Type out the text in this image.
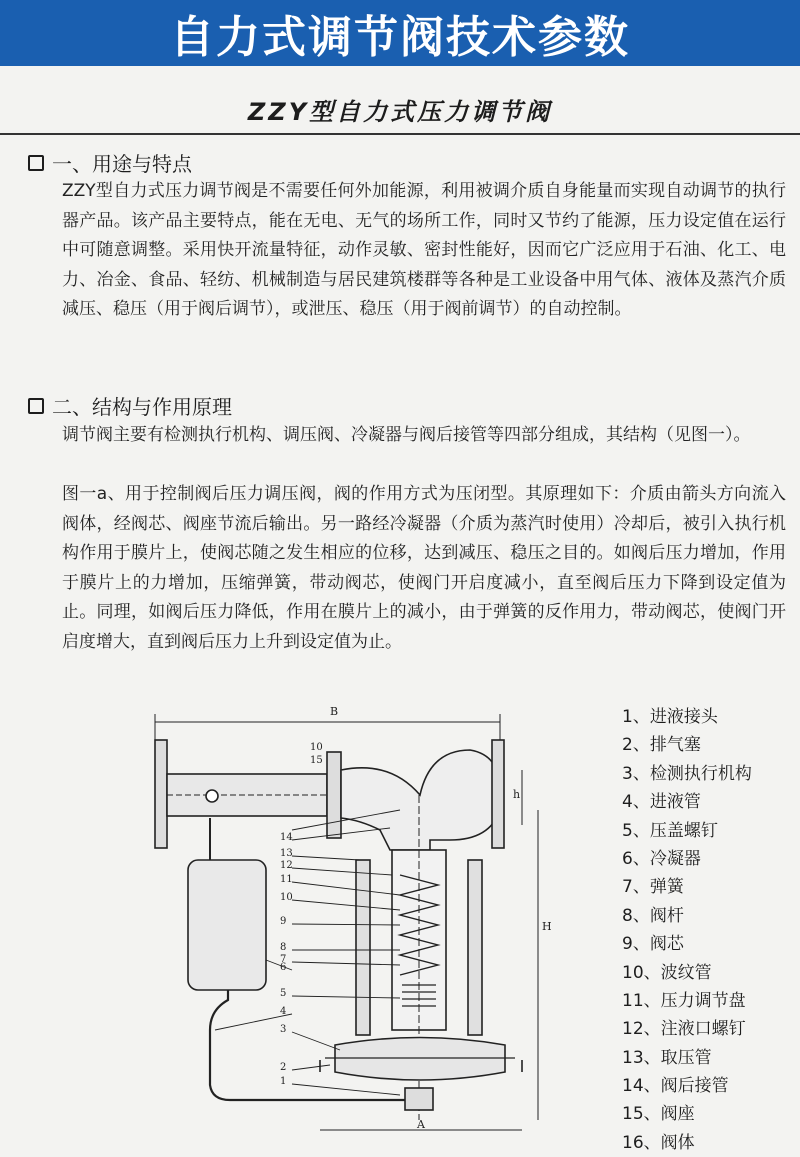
自力式调节阀技术参数
ZZY型自力式压力调节阀
一、用途与特点
ZZY型自力式压力调节阀是不需要任何外加能源，利用被调介质自身能量而实现自动调节的执行器产品。该产品主要特点，能在无电、无气的场所工作，同时又节约了能源，压力设定值在运行中可随意调整。采用快开流量特征，动作灵敏、密封性能好，因而它广泛应用于石油、化工、电力、冶金、食品、轻纺、机械制造与居民建筑楼群等各种是工业设备中用气体、液体及蒸汽介质减压、稳压（用于阀后调节），或泄压、稳压（用于阀前调节）的自动控制。
二、结构与作用原理
调节阀主要有检测执行机构、调压阀、冷凝器与阀后接管等四部分组成，其结构（见图一）。
图一a、用于控制阀后压力调压阀，阀的作用方式为压闭型。其原理如下：介质由箭头方向流入阀体，经阀芯、阀座节流后输出。另一路经冷凝器（介质为蒸汽时使用）冷却后，被引入执行机构作用于膜片上，使阀芯随之发生相应的位移，达到减压、稳压之目的。如阀后压力增加，作用于膜片上的力增加，压缩弹簧，带动阀芯，使阀门开启度减小，直至阀后压力下降到设定值为止。同理，如阀后压力降低，作用在膜片上的减小，由于弹簧的反作用力，带动阀芯，使阀门开启度增大，直到阀后压力上升到设定值为止。
10
15
14
13
12
11
10
9
8
7
6
5
4
3
2
1
B
A
H
h
1、进液接头
2、排气塞
3、检测执行机构
4、进液管
5、压盖螺钉
6、冷凝器
7、弹簧
8、阀杆
9、阀芯
10、波纹管
11、压力调节盘
12、注液口螺钉
13、取压管
14、阀后接管
15、阀座
16、阀体
